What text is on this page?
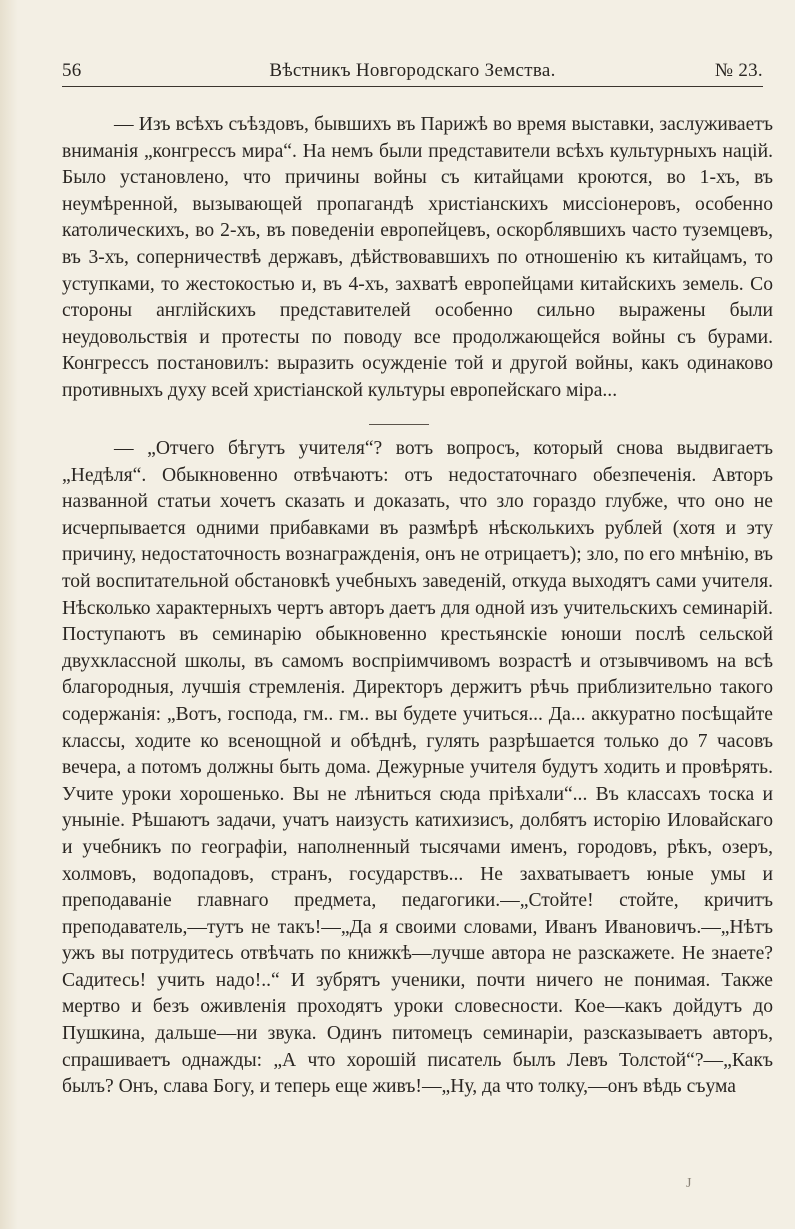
56	Вѣстникъ Новгородскаго Земства.	№ 23.

— Изъ всѣхъ съѣздовъ, бывшихъ въ Парижѣ во время выставки, заслуживаетъ вниманія „конгрессъ мира“. На немъ были представители всѣхъ культурныхъ націй. Было установлено, что причины войны съ китайцами кроются, во 1-хъ, въ неумѣренной, вызывающей пропагандѣ христіанскихъ миссіонеровъ, особенно католическихъ, во 2-хъ, въ поведеніи европейцевъ, оскорблявшихъ часто туземцевъ, въ 3-хъ, соперничествѣ державъ, дѣйствовавшихъ по отношенію къ китайцамъ, то уступками, то жестокостью и, въ 4-хъ, захватѣ европейцами китайскихъ земель. Со стороны англійскихъ представителей особенно сильно выражены были неудовольствія и протесты по поводу все продолжающейся войны съ бурами. Конгрессъ постановилъ: выразить осужденіе той и другой войны, какъ одинаково противныхъ духу всей христіанской культуры европейскаго міра...

— „Отчего бѣгутъ учителя“? вотъ вопросъ, который снова выдвигаетъ „Недѣля“. Обыкновенно отвѣчаютъ: отъ недостаточнаго обезпеченія. Авторъ названной статьи хочетъ сказать и доказать, что зло гораздо глубже, что оно не исчерпывается одними прибавками въ размѣрѣ нѣсколькихъ рублей (хотя и эту причину, недостаточность вознагражденія, онъ не отрицаетъ); зло, по его мнѣнію, въ той воспитательной обстановкѣ учебныхъ заведеній, откуда выходятъ сами учителя. Нѣсколько характерныхъ чертъ авторъ даетъ для одной изъ учительскихъ семинарій. Поступаютъ въ семинарію обыкновенно крестьянскіе юноши послѣ сельской двухклассной школы, въ самомъ воспріимчивомъ возрастѣ и отзывчивомъ на всѣ благородныя, лучшія стремленія. Директоръ держитъ рѣчь приблизительно такого содержанія: „Вотъ, господа, гм.. гм.. вы будете учиться... Да... аккуратно посѣщайте классы, ходите ко всенощной и обѣднѣ, гулять разрѣшается только до 7 часовъ вечера, а потомъ должны быть дома. Дежурные учителя будутъ ходить и провѣрять. Учите уроки хорошенько. Вы не лѣниться сюда пріѣхали“... Въ классахъ тоска и уныніе. Рѣшаютъ задачи, учатъ наизусть катихизисъ, долбятъ исторію Иловайскаго и учебникъ по географіи, наполненный тысячами именъ, городовъ, рѣкъ, озеръ, холмовъ, водопадовъ, странъ, государствъ... Не захватываетъ юные умы и преподаваніе главнаго предмета, педагогики.—„Стойте! стойте, кричитъ преподаватель,—тутъ не такъ!—„Да я своими словами, Иванъ Ивановичъ.—„Нѣтъ ужъ вы потрудитесь отвѣчать по книжкѣ—лучше автора не разскажете. Не знаете? Садитесь! учить надо!..“ И зубрятъ ученики, почти ничего не понимая. Также мертво и безъ оживленія проходятъ уроки словесности. Кое—какъ дойдутъ до Пушкина, дальше—ни звука. Одинъ питомецъ семинаріи, разсказываетъ авторъ, спрашиваетъ однажды: „А что хорошій писатель былъ Левъ Толстой“?—„Какъ былъ? Онъ, слава Богу, и теперь еще живъ!—„Ну, да что толку,—онъ вѣдь съума

J
